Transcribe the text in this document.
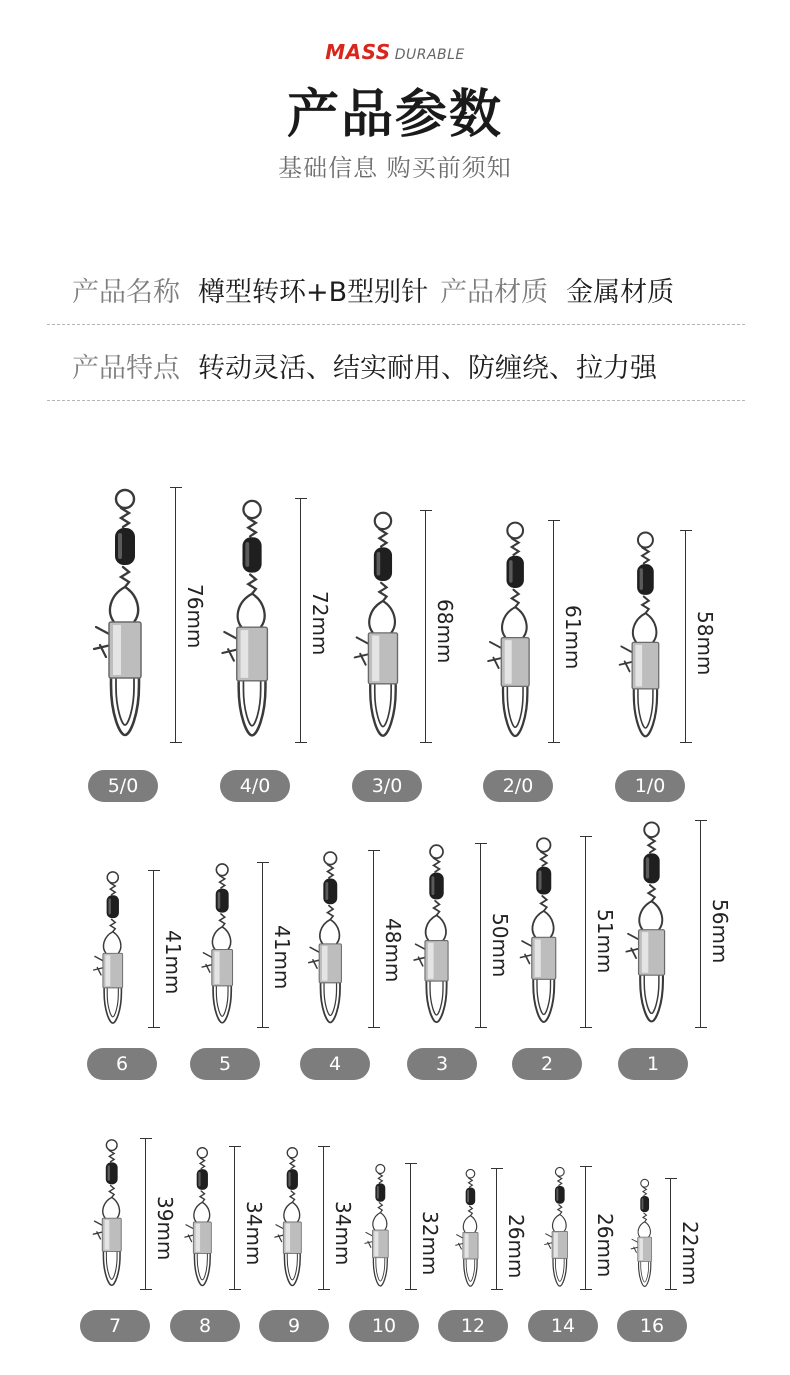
MASS DURABLE
产品参数
基础信息 购买前须知
产品名称 樽型转环+B型别针 产品材质 金属材质
产品特点 转动灵活、结实耐用、防缠绕、拉力强
76mm
5/0
72mm
4/0
68mm
3/0
61mm
2/0
58mm
1/0
41mm
6
41mm
5
48mm
4
50mm
3
51mm
2
56mm
1
39mm
7
34mm
8
34mm
9
32mm
10
26mm
12
26mm
14
22mm
16
